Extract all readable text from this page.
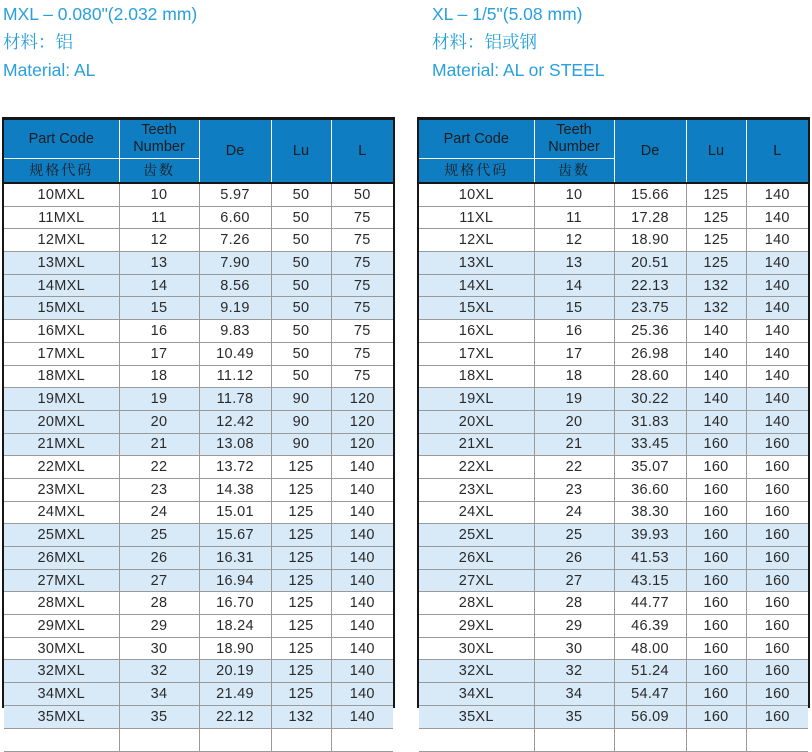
MXL – 0.080"(2.032 mm)
材料：铝
Material: AL
XL – 1/5"(5.08 mm)
材料：铝或钢
Material: AL or STEEL
Part Code	Teeth Number	De	Lu	L
规格代码	齿数			
10MXL	10	5.97	50	50
11MXL	11	6.60	50	75
12MXL	12	7.26	50	75
13MXL	13	7.90	50	75
14MXL	14	8.56	50	75
15MXL	15	9.19	50	75
16MXL	16	9.83	50	75
17MXL	17	10.49	50	75
18MXL	18	11.12	50	75
19MXL	19	11.78	90	120
20MXL	20	12.42	90	120
21MXL	21	13.08	90	120
22MXL	22	13.72	125	140
23MXL	23	14.38	125	140
24MXL	24	15.01	125	140
25MXL	25	15.67	125	140
26MXL	26	16.31	125	140
27MXL	27	16.94	125	140
28MXL	28	16.70	125	140
29MXL	29	18.24	125	140
30MXL	30	18.90	125	140
32MXL	32	20.19	125	140
34MXL	34	21.49	125	140
35MXL	35	22.12	132	140

Part Code	Teeth Number	De	Lu	L
规格代码	齿数			
10XL	10	15.66	125	140
11XL	11	17.28	125	140
12XL	12	18.90	125	140
13XL	13	20.51	125	140
14XL	14	22.13	132	140
15XL	15	23.75	132	140
16XL	16	25.36	140	140
17XL	17	26.98	140	140
18XL	18	28.60	140	140
19XL	19	30.22	140	140
20XL	20	31.83	140	140
21XL	21	33.45	160	160
22XL	22	35.07	160	160
23XL	23	36.60	160	160
24XL	24	38.30	160	160
25XL	25	39.93	160	160
26XL	26	41.53	160	160
27XL	27	43.15	160	160
28XL	28	44.77	160	160
29XL	29	46.39	160	160
30XL	30	48.00	160	160
32XL	32	51.24	160	160
34XL	34	54.47	160	160
35XL	35	56.09	160	160
